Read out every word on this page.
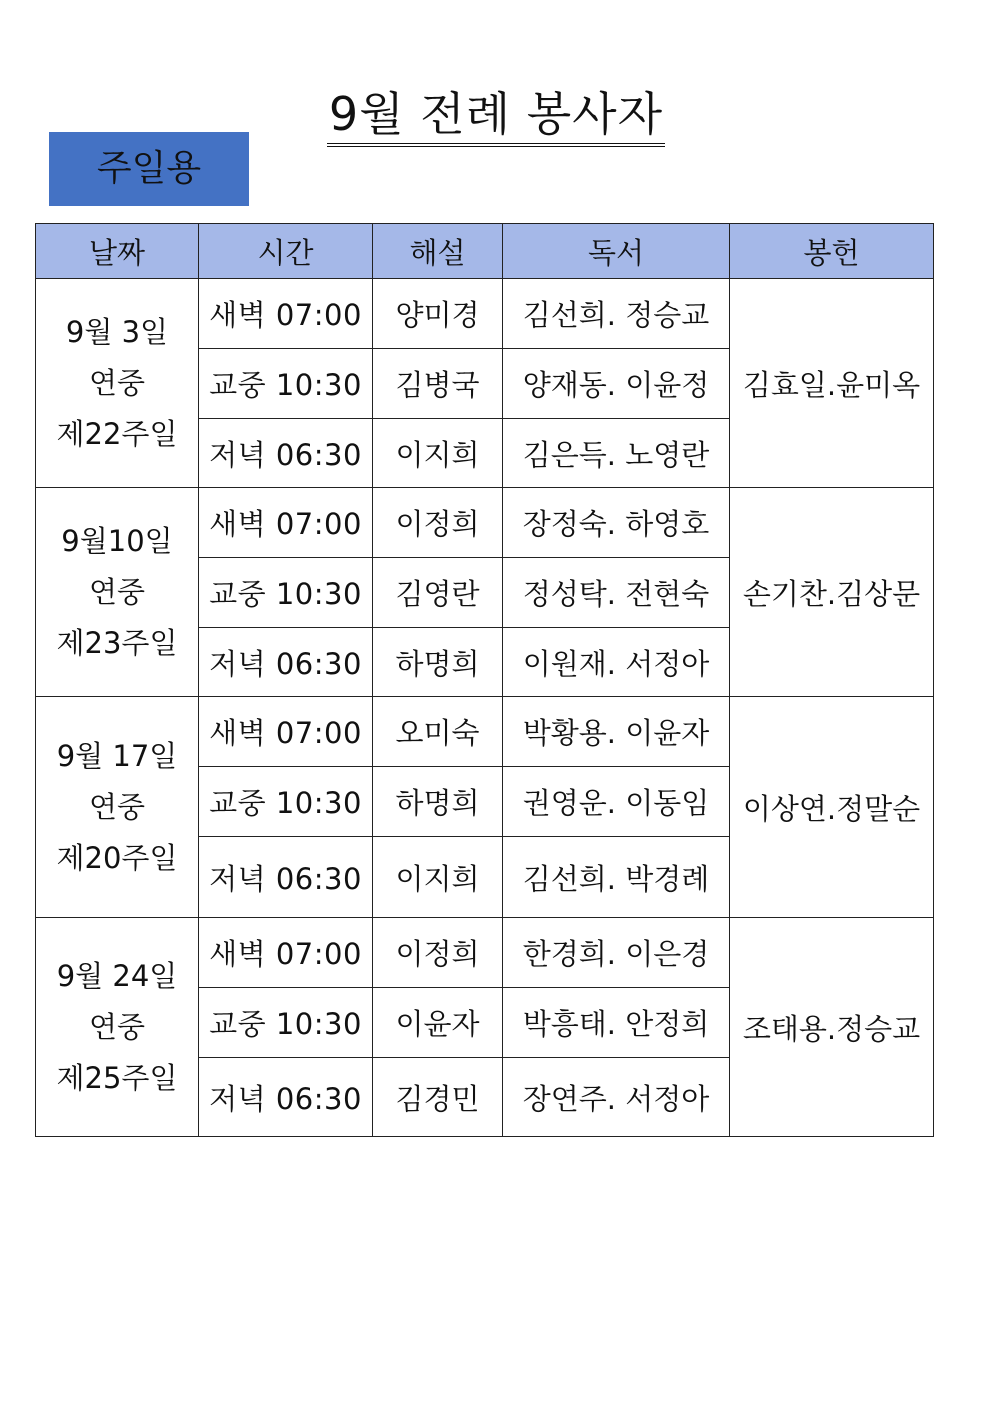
9월 전례 봉사자
주일용
날짜	시간	해설	독서	봉헌

9월 3일
연중
제22주일	새벽 07:00	양미경	김선희. 정승교	김효일.윤미옥
	교중 10:30	김병국	양재동. 이윤정	
	저녁 06:30	이지희	김은득. 노영란	

9월10일
연중
제23주일	새벽 07:00	이정희	장정숙. 하영호	손기찬.김상문
	교중 10:30	김영란	정성탁. 전현숙	
	저녁 06:30	하명희	이원재. 서정아	

9월 17일
연중
제20주일	새벽 07:00	오미숙	박황용. 이윤자	이상연.정말순
	교중 10:30	하명희	권영운. 이동임	
	저녁 06:30	이지희	김선희. 박경례	

9월 24일
연중
제25주일	새벽 07:00	이정희	한경희. 이은경	조태용.정승교
	교중 10:30	이윤자	박흥태. 안정희	
	저녁 06:30	김경민	장연주. 서정아	
